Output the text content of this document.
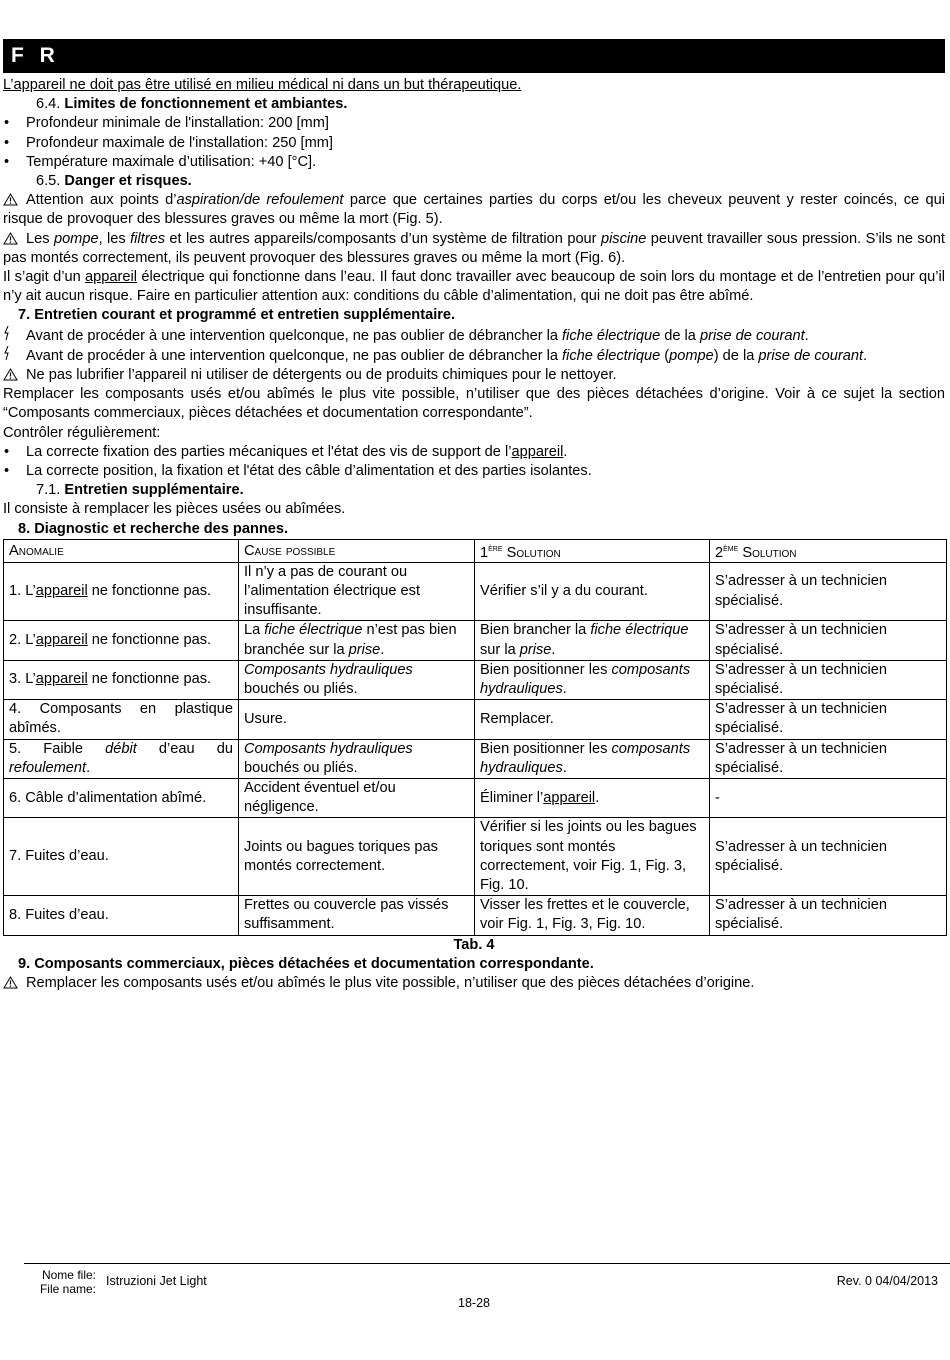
F R

L’appareil ne doit pas être utilisé en milieu médical ni dans un but thérapeutique.

6.4. Limites de fonctionnement et ambiantes.

• Profondeur minimale de l'installation: 200 [mm]

• Profondeur maximale de l'installation: 250 [mm]

• Température maximale d’utilisation: +40 [°C].

6.5. Danger et risques.

Attention aux points d’aspiration/de refoulement parce que certaines parties du corps et/ou les cheveux peuvent y rester coincés, ce qui risque de provoquer des blessures graves ou même la mort (Fig. 5).

Les pompe, les filtres et les autres appareils/composants d’un système de filtration pour piscine peuvent travailler sous pression. S’ils ne sont pas montés correctement, ils peuvent provoquer des blessures graves ou même la mort (Fig. 6).

Il s’agit d’un appareil électrique qui fonctionne dans l’eau. Il faut donc travailler avec beaucoup de soin lors du montage et de l’entretien pour qu’il n’y ait aucun risque. Faire en particulier attention aux: conditions du câble d’alimentation, qui ne doit pas être abîmé.

7. Entretien courant et programmé et entretien supplémentaire.

Avant de procéder à une intervention quelconque, ne pas oublier de débrancher la fiche électrique de la prise de courant.

Avant de procéder à une intervention quelconque, ne pas oublier de débrancher la fiche électrique (pompe) de la prise de courant.

Ne pas lubrifier l’appareil ni utiliser de détergents ou de produits chimiques pour le nettoyer.

Remplacer les composants usés et/ou abîmés le plus vite possible, n’utiliser que des pièces détachées d’origine. Voir à ce sujet la section “Composants commerciaux, pièces détachées et documentation correspondante”.

Contrôler régulièrement:

• La correcte fixation des parties mécaniques et l'état des vis de support de l’appareil.

• La correcte position, la fixation et l'état des câble d’alimentation et des parties isolantes.

7.1. Entretien supplémentaire.

Il consiste à remplacer les pièces usées ou abîmées.

8. Diagnostic et recherche des pannes.

Anomalie	Cause possible	1ère Solution	2ème Solution
1. L’appareil ne fonctionne pas.	Il n’y a pas de courant ou l’alimentation électrique est insuffisante.	Vérifier s’il y a du courant.	S’adresser à un technicien spécialisé.
2. L’appareil ne fonctionne pas.	La fiche électrique n’est pas bien branchée sur la prise.	Bien brancher la fiche électrique sur la prise.	S’adresser à un technicien spécialisé.
3. L’appareil ne fonctionne pas.	Composants hydrauliques bouchés ou pliés.	Bien positionner les composants hydrauliques.	S’adresser à un technicien spécialisé.
4. Composants en plastique abîmés.	Usure.	Remplacer.	S’adresser à un technicien spécialisé.
5. Faible débit d’eau du refoulement.	Composants hydrauliques bouchés ou pliés.	Bien positionner les composants hydrauliques.	S’adresser à un technicien spécialisé.
6. Câble d’alimentation abîmé.	Accident éventuel et/ou négligence.	Éliminer l’appareil.	-
7. Fuites d’eau.	Joints ou bagues toriques pas montés correctement.	Vérifier si les joints ou les bagues toriques sont montés correctement, voir Fig. 1, Fig. 3, Fig. 10.	S’adresser à un technicien spécialisé.
8. Fuites d’eau.	Frettes ou couvercle pas vissés suffisamment.	Visser les frettes et le couvercle, voir Fig. 1, Fig. 3, Fig. 10.	S’adresser à un technicien spécialisé.

Tab. 4

9. Composants commerciaux, pièces détachées et documentation correspondante.

Remplacer les composants usés et/ou abîmés le plus vite possible, n’utiliser que des pièces détachées d’origine.

Nome file:
File name:
Istruzioni Jet Light	Rev. 0 04/04/2013
18-28
